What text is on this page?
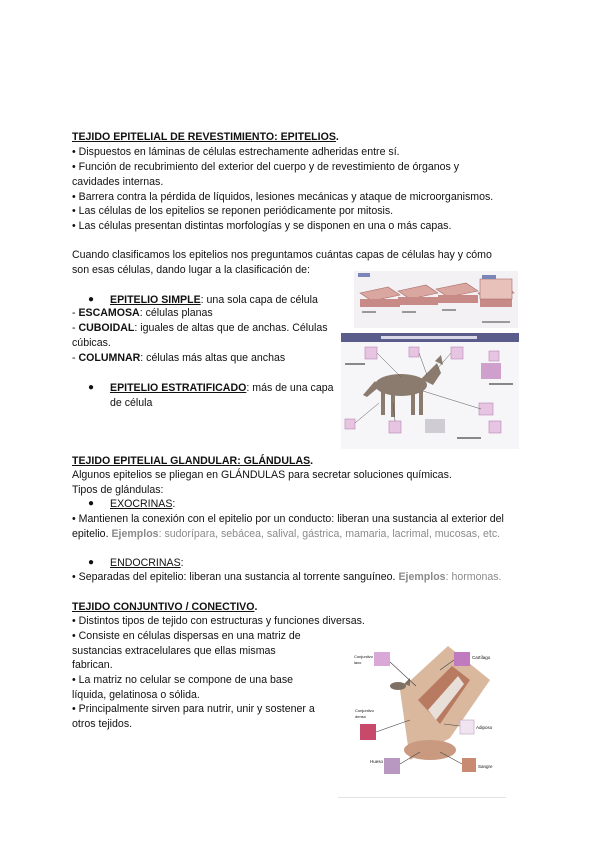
TEJIDO EPITELIAL DE REVESTIMIENTO: EPITELIOS.
• Dispuestos en láminas de células estrechamente adheridas entre sí.
• Función de recubrimiento del exterior del cuerpo y de revestimiento de órganos y
cavidades internas.
• Barrera contra la pérdida de líquidos, lesiones mecánicas y ataque de microorganismos.
• Las células de los epitelios se reponen periódicamente por mitosis.
• Las células presentan distintas morfologías y se disponen en una o más capas.
Cuando clasificamos los epitelios nos preguntamos cuántas capas de células hay y cómo
son esas células, dando lugar a la clasificación de:
● EPITELIO SIMPLE: una sola capa de célula
- ESCAMOSA: células planas
- CUBOIDAL: iguales de altas que de anchas. Células
cúbicas.
- COLUMNAR: células más altas que anchas
● EPITELIO ESTRATIFICADO: más de una capa
de célula
TEJIDO EPITELIAL GLANDULAR: GLÁNDULAS.
Algunos epitelios se pliegan en GLÁNDULAS para secretar soluciones químicas.
Tipos de glándulas:
● EXOCRINAS:
• Mantienen la conexión con el epitelio por un conducto: liberan una sustancia al exterior del
epitelio. Ejemplos: sudorípara, sebácea, salival, gástrica, mamaria, lacrimal, mucosas, etc.
● ENDOCRINAS:
• Separadas del epitelio: liberan una sustancia al torrente sanguíneo. Ejemplos: hormonas.
TEJIDO CONJUNTIVO / CONECTIVO.
• Distintos tipos de tejido con estructuras y funciones diversas.
• Consiste en células dispersas en una matriz de
sustancias extracelulares que ellas mismas
fabrican.
• La matriz no celular se compone de una base
líquida, gelatinosa o sólida.
• Principalmente sirven para nutrir, unir y sostener a
otros tejidos.
Conjuntivo laxo
Cartílago
Conjuntivo denso
Adiposo
Hueso
Sangre
